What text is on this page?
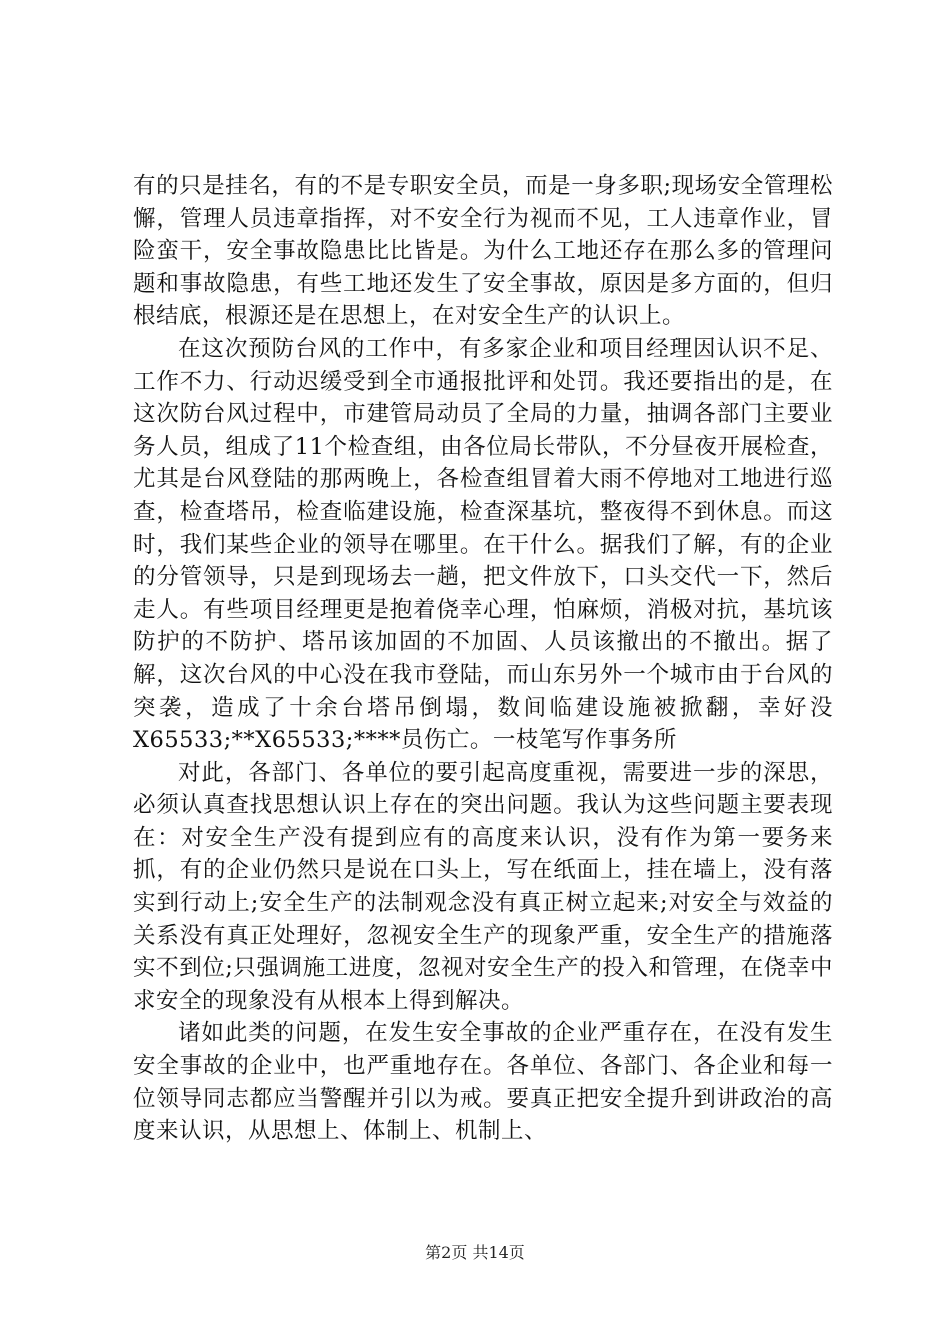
有的只是挂名，有的不是专职安全员，而是一身多职;现场安全管理松懈，管理人员违章指挥，对不安全行为视而不见，工人违章作业，冒险蛮干，安全事故隐患比比皆是。为什么工地还存在那么多的管理问题和事故隐患，有些工地还发生了安全事故，原因是多方面的，但归根结底，根源还是在思想上，在对安全生产的认识上。

在这次预防台风的工作中，有多家企业和项目经理因认识不足、工作不力、行动迟缓受到全市通报批评和处罚。我还要指出的是，在这次防台风过程中，市建管局动员了全局的力量，抽调各部门主要业务人员，组成了11个检查组，由各位局长带队，不分昼夜开展检查，尤其是台风登陆的那两晚上，各检查组冒着大雨不停地对工地进行巡查，检查塔吊，检查临建设施，检查深基坑，整夜得不到休息。而这时，我们某些企业的领导在哪里。在干什么。据我们了解，有的企业的分管领导，只是到现场去一趟，把文件放下，口头交代一下，然后走人。有些项目经理更是抱着侥幸心理，怕麻烦，消极对抗，基坑该防护的不防护、塔吊该加固的不加固、人员该撤出的不撤出。据了解，这次台风的中心没在我市登陆，而山东另外一个城市由于台风的突袭，造成了十余台塔吊倒塌，数间临建设施被掀翻，幸好没X65533;**X65533;****员伤亡。一枝笔写作事务所

对此，各部门、各单位的要引起高度重视，需要进一步的深思，必须认真查找思想认识上存在的突出问题。我认为这些问题主要表现在：对安全生产没有提到应有的高度来认识，没有作为第一要务来抓，有的企业仍然只是说在口头上，写在纸面上，挂在墙上，没有落实到行动上;安全生产的法制观念没有真正树立起来;对安全与效益的关系没有真正处理好，忽视安全生产的现象严重，安全生产的措施落实不到位;只强调施工进度，忽视对安全生产的投入和管理，在侥幸中求安全的现象没有从根本上得到解决。

诸如此类的问题，在发生安全事故的企业严重存在，在没有发生安全事故的企业中，也严重地存在。各单位、各部门、各企业和每一位领导同志都应当警醒并引以为戒。要真正把安全提升到讲政治的高度来认识，从思想上、体制上、机制上、

第2页 共14页
